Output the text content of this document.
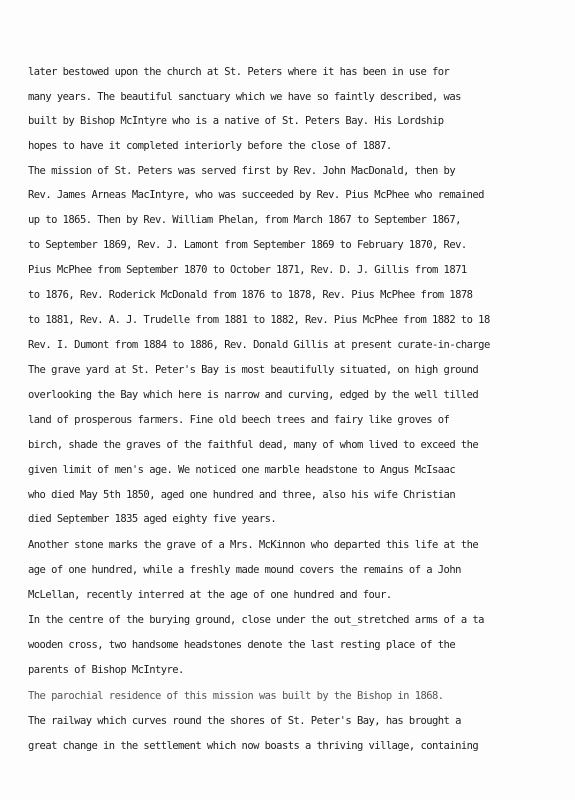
later bestowed upon the church at St. Peters where it has been in use for
many years. The beautiful sanctuary which we have so faintly described, was
built by Bishop McIntyre who is a native of St. Peters Bay. His Lordship
hopes to have it completed interiorly before the close of 1887.
The mission of St. Peters was served first by Rev. John MacDonald, then by
Rev. James Arneas MacIntyre, who was succeeded by Rev. Pius McPhee who remained
up to 1865. Then by Rev. William Phelan, from March 1867 to September 1867,
to September 1869, Rev. J. Lamont from September 1869 to February 1870, Rev.
Pius McPhee from September 1870 to October 1871, Rev. D. J. Gillis from 1871
to 1876, Rev. Roderick McDonald from 1876 to 1878, Rev. Pius McPhee from 1878
to 1881, Rev. A. J. Trudelle from 1881 to 1882, Rev. Pius McPhee from 1882 to 18
Rev. I. Dumont from 1884 to 1886, Rev. Donald Gillis at present curate-in-charge
The grave yard at St. Peter's Bay is most beautifully situated, on high ground
overlooking the Bay which here is narrow and curving, edged by the well tilled
land of prosperous farmers. Fine old beech trees and fairy like groves of
birch, shade the graves of the faithful dead, many of whom lived to exceed the
given limit of men's age. We noticed one marble headstone to Angus McIsaac
who died May 5th 1850, aged one hundred and three, also his wife Christian
died September 1835 aged eighty five years.
Another stone marks the grave of a Mrs. McKinnon who departed this life at the
age of one hundred, while a freshly made mound covers the remains of a John
McLellan, recently interred at the age of one hundred and four.
In the centre of the burying ground, close under the out_stretched arms of a ta
wooden cross, two handsome headstones denote the last resting place of the
parents of Bishop McIntyre.
The parochial residence of this mission was built by the Bishop in 1868.
The railway which curves round the shores of St. Peter's Bay, has brought a
great change in the settlement which now boasts a thriving village, containing
